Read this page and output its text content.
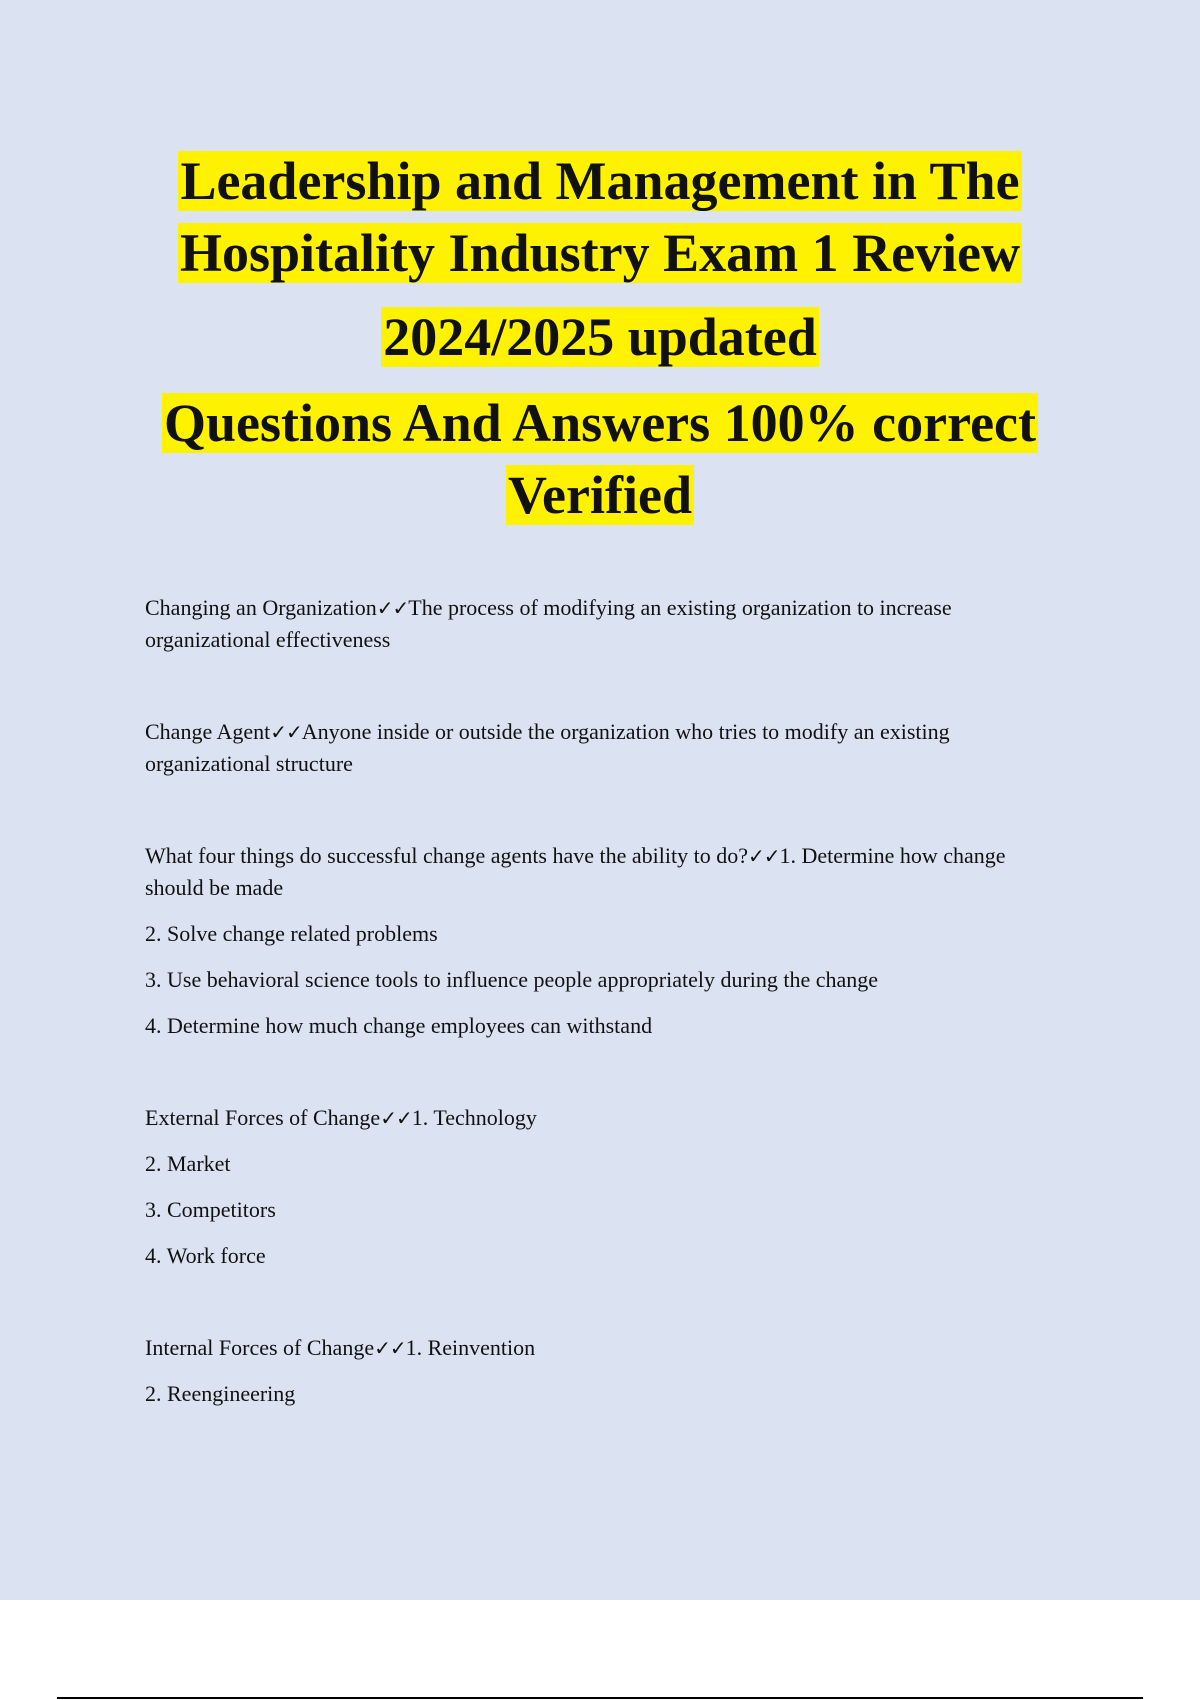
Leadership and Management in The

Hospitality Industry Exam 1 Review

2024/2025 updated

Questions And Answers 100% correct

Verified

Changing an Organization✓✓The process of modifying an existing organization to increase organizational effectiveness

Change Agent✓✓Anyone inside or outside the organization who tries to modify an existing organizational structure

What four things do successful change agents have the ability to do?✓✓1. Determine how change should be made

2. Solve change related problems

3. Use behavioral science tools to influence people appropriately during the change

4. Determine how much change employees can withstand

External Forces of Change✓✓1. Technology

2. Market

3. Competitors

4. Work force

Internal Forces of Change✓✓1. Reinvention

2. Reengineering
